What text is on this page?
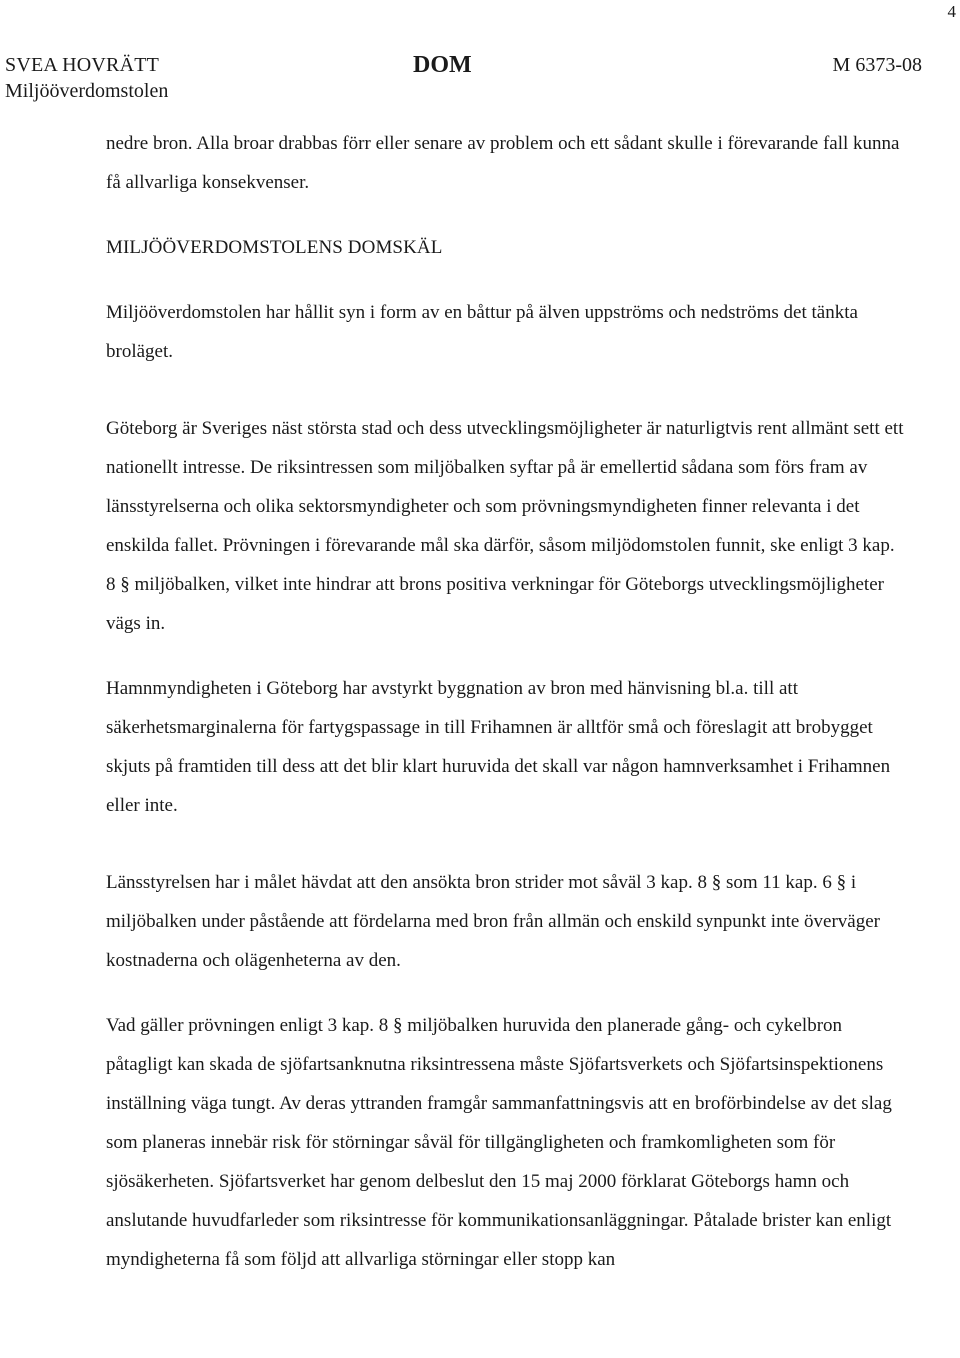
4
SVEA HOVRÄTT
Miljööverdomstolen
DOM	M 6373-08

nedre bron. Alla broar drabbas förr eller senare av problem och ett sådant skulle i förevarande fall kunna få allvarliga konsekvenser.

MILJÖÖVERDOMSTOLENS DOMSKÄL

Miljööverdomstolen har hållit syn i form av en båttur på älven uppströms och nedströms det tänkta broläget.

Göteborg är Sveriges näst största stad och dess utvecklingsmöjligheter är naturligtvis rent allmänt sett ett nationellt intresse. De riksintressen som miljöbalken syftar på är emellertid sådana som förs fram av länsstyrelserna och olika sektorsmyndigheter och som prövningsmyndigheten finner relevanta i det enskilda fallet. Prövningen i förevarande mål ska därför, såsom miljödomstolen funnit, ske enligt 3 kap. 8 § miljöbalken, vilket inte hindrar att brons positiva verkningar för Göteborgs utvecklingsmöjligheter vägs in.

Hamnmyndigheten i Göteborg har avstyrkt byggnation av bron med hänvisning bl.a. till att säkerhetsmarginalerna för fartygspassage in till Frihamnen är alltför små och föreslagit att brobygget skjuts på framtiden till dess att det blir klart huruvida det skall var någon hamnverksamhet i Frihamnen eller inte.

Länsstyrelsen har i målet hävdat att den ansökta bron strider mot såväl 3 kap. 8 § som 11 kap. 6 § i miljöbalken under påstående att fördelarna med bron från allmän och enskild synpunkt inte överväger kostnaderna och olägenheterna av den.

Vad gäller prövningen enligt 3 kap. 8 § miljöbalken huruvida den planerade gång- och cykelbron påtagligt kan skada de sjöfartsanknutna riksintressena måste Sjöfartsverkets och Sjöfartsinspektionens inställning väga tungt. Av deras yttranden framgår sammanfattningsvis att en broförbindelse av det slag som planeras innebär risk för störningar såväl för tillgängligheten och framkomligheten som för sjösäkerheten. Sjöfartsverket har genom delbeslut den 15 maj 2000 förklarat Göteborgs hamn och anslutande huvudfarleder som riksintresse för kommunikationsanläggningar. Påtalade brister kan enligt myndigheterna få som följd att allvarliga störningar eller stopp kan
